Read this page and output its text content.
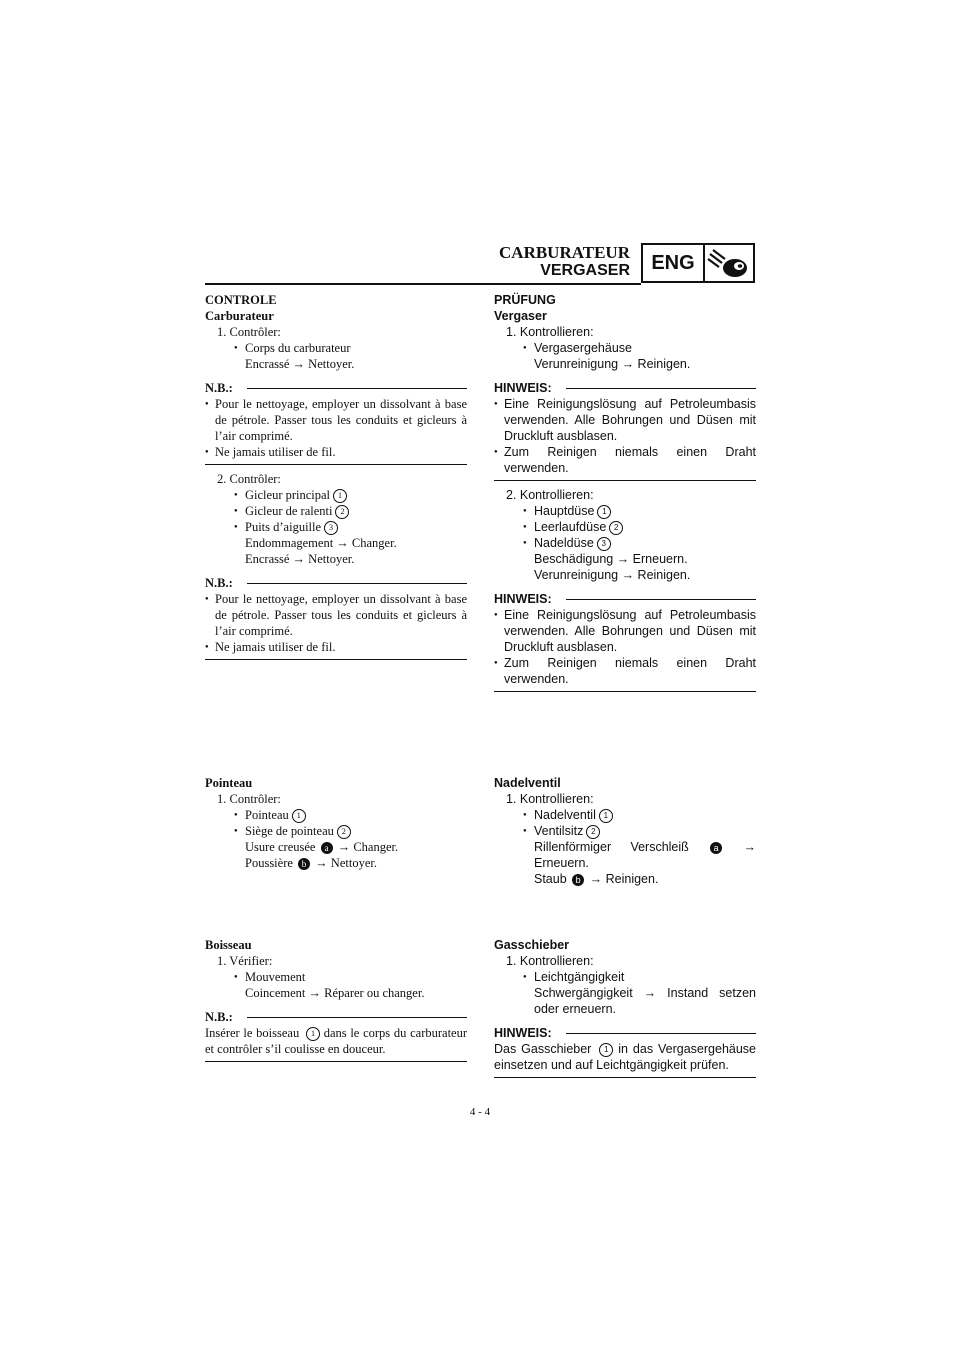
CARBURATEUR
VERGASER	ENG
CONTROLE
Carburateur
1. Contrôler:
● Corps du carburateur
Encrassé → Nettoyer.
N.B.:
● Pour le nettoyage, employer un dissolvant à base de pétrole. Passer tous les conduits et gicleurs à l’air comprimé.
● Ne jamais utiliser de fil.
2. Contrôler:
● Gicleur principal 1
● Gicleur de ralenti 2
● Puits d’aiguille 3
Endommagement → Changer.
Encrassé → Nettoyer.
N.B.:
● Pour le nettoyage, employer un dissolvant à base de pétrole. Passer tous les conduits et gicleurs à l’air comprimé.
● Ne jamais utiliser de fil.
PRÜFUNG
Vergaser
1. Kontrollieren:
● Vergasergehäuse
Verunreinigung → Reinigen.
HINWEIS:
● Eine Reinigungslösung auf Petroleumbasis verwenden. Alle Bohrungen und Düsen mit Druckluft ausblasen.
● Zum Reinigen niemals einen Draht verwenden.
2. Kontrollieren:
● Hauptdüse 1
● Leerlaufdüse 2
● Nadeldüse 3
Beschädigung → Erneuern.
Verunreinigung → Reinigen.
HINWEIS:
● Eine Reinigungslösung auf Petroleumbasis verwenden. Alle Bohrungen und Düsen mit Druckluft ausblasen.
● Zum Reinigen niemals einen Draht verwenden.
Pointeau
1. Contrôler:
● Pointeau 1
● Siège de pointeau 2
Usure creusée a → Changer.
Poussière b → Nettoyer.
Nadelventil
1. Kontrollieren:
● Nadelventil 1
● Ventilsitz 2
Rillenförmiger Verschleiß	a → Erneuern.
Staub b → Reinigen.
Boisseau
1. Vérifier:
● Mouvement
Coincement → Réparer ou changer.
N.B.:
Insérer le boisseau 1 dans le corps du carburateur et contrôler s’il coulisse en douceur.
Gasschieber
1. Kontrollieren:
● Leichtgängigkeit
Schwergängigkeit → Instand setzen oder erneuern.
HINWEIS:
Das Gasschieber 1 in das Vergasergehäuse einsetzen und auf Leichtgängigkeit prüfen.
4 - 4
